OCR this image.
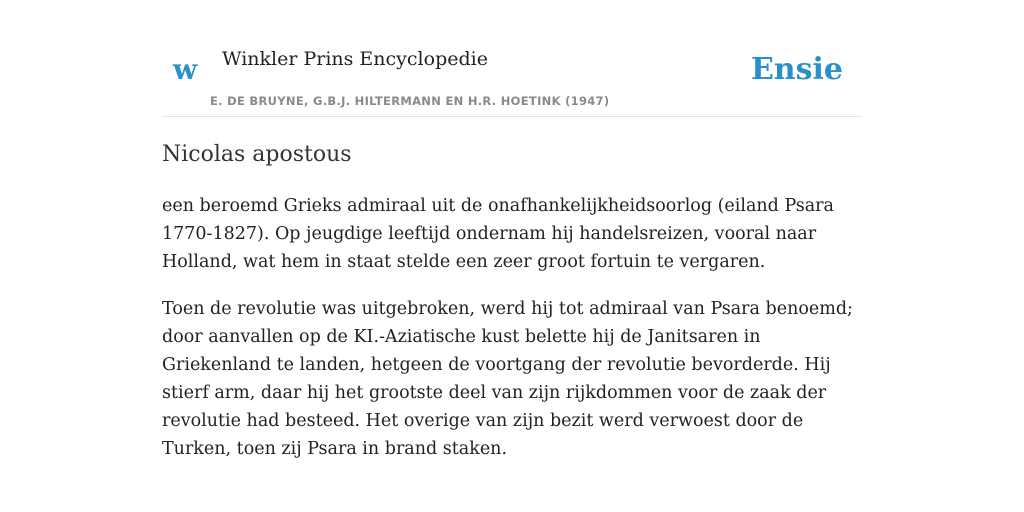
w Winkler Prins Encyclopedie
E. DE BRUYNE, G.B.J. HILTERMANN EN H.R. HOETINK (1947)
Ensie
Nicolas apostous

een beroemd Grieks admiraal uit de onafhankelijkheidsoorlog (eiland Psara 1770-1827). Op jeugdige leeftijd ondernam hij handelsreizen, vooral naar Holland, wat hem in staat stelde een zeer groot fortuin te vergaren.

Toen de revolutie was uitgebroken, werd hij tot admiraal van Psara benoemd; door aanvallen op de KI.-Aziatische kust belette hij de Janitsaren in Griekenland te landen, hetgeen de voortgang der revolutie bevorderde. Hij stierf arm, daar hij het grootste deel van zijn rijkdommen voor de zaak der revolutie had besteed. Het overige van zijn bezit werd verwoest door de Turken, toen zij Psara in brand staken.
